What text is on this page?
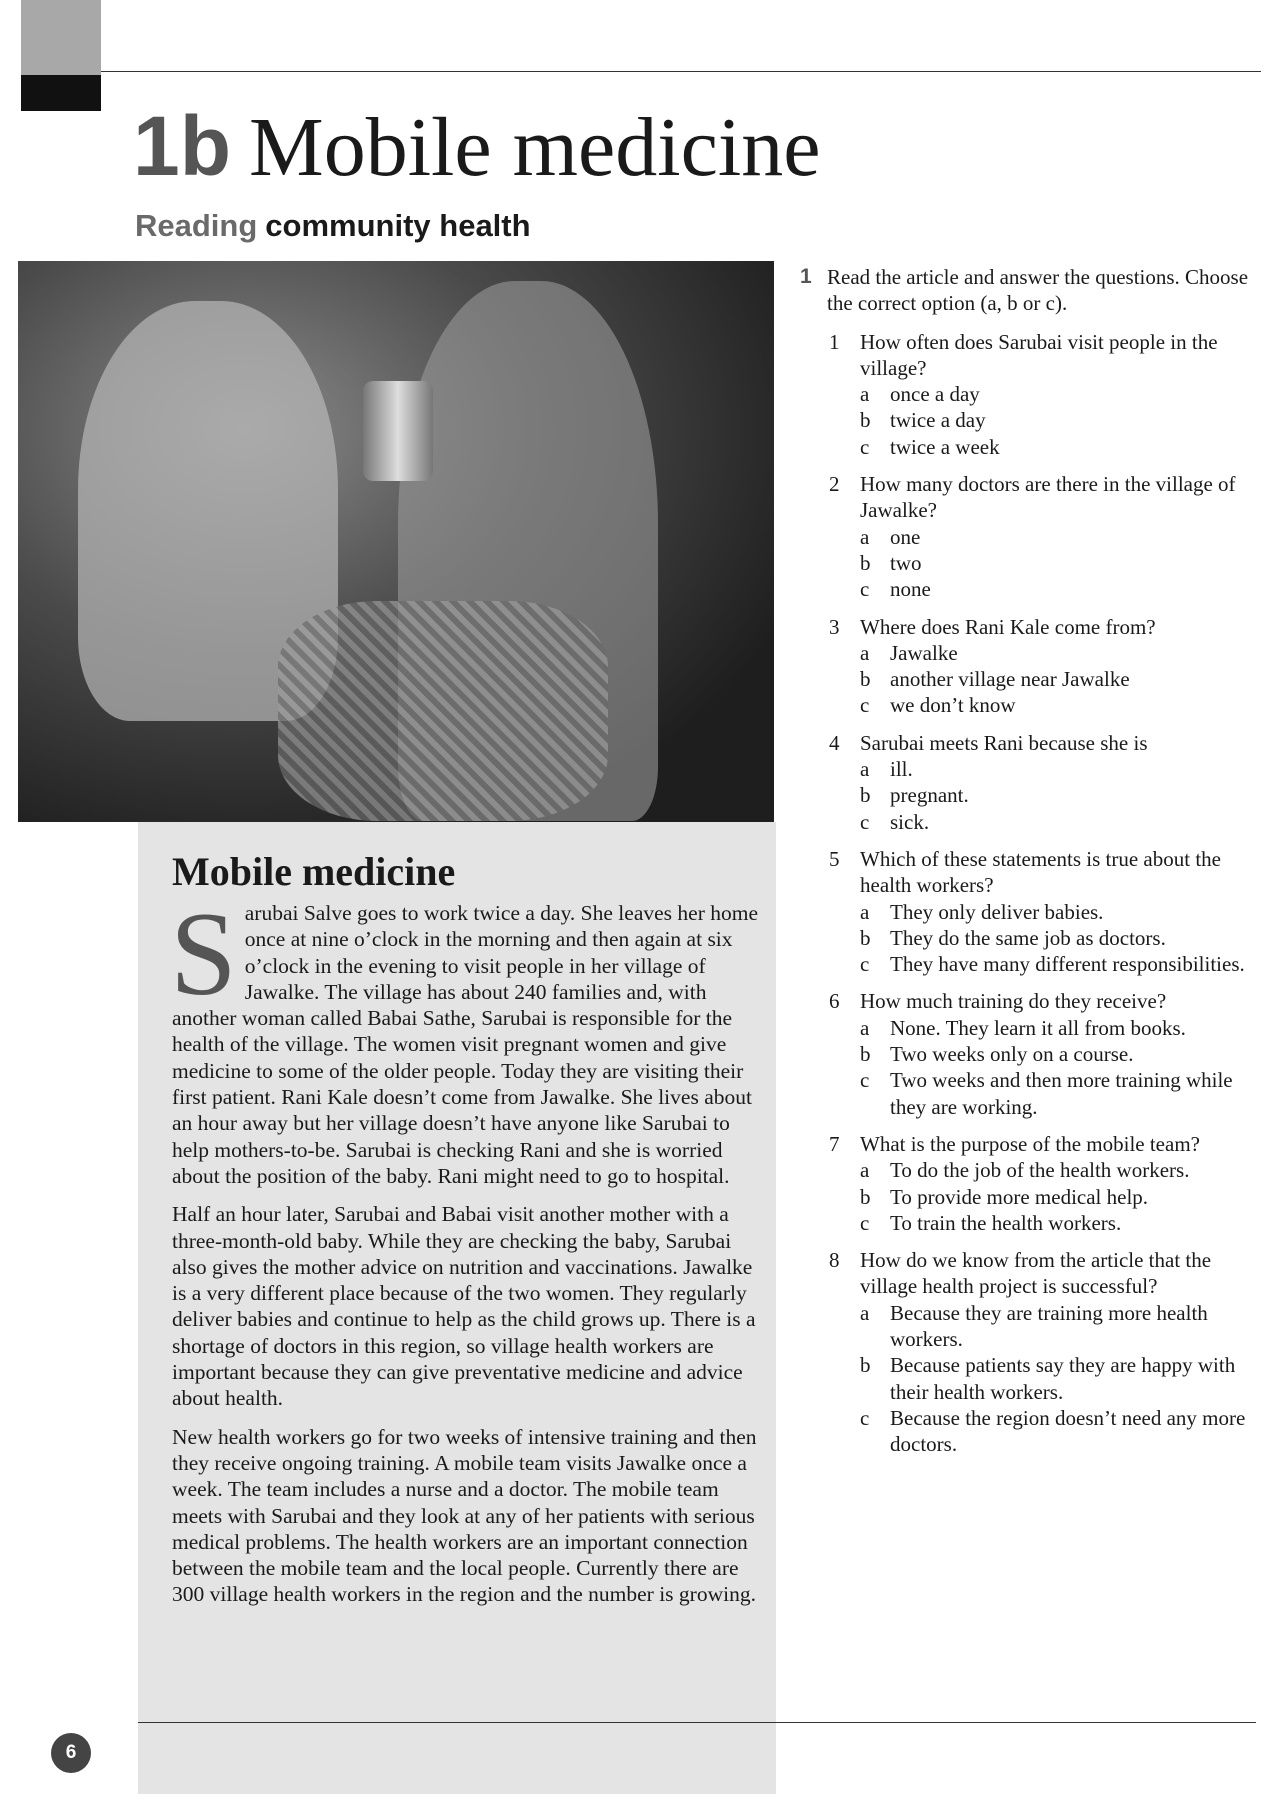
1b Mobile medicine
Reading community health
Mobile medicine

Sarubai Salve goes to work twice a day. She leaves her home once at nine o’clock in the morning and then again at six o’clock in the evening to visit people in her village of Jawalke. The village has about 240 families and, with another woman called Babai Sathe, Sarubai is responsible for the health of the village. The women visit pregnant women and give medicine to some of the older people. Today they are visiting their first patient. Rani Kale doesn’t come from Jawalke. She lives about an hour away but her village doesn’t have anyone like Sarubai to help mothers-to-be. Sarubai is checking Rani and she is worried about the position of the baby. Rani might need to go to hospital.

Half an hour later, Sarubai and Babai visit another mother with a three-month-old baby. While they are checking the baby, Sarubai also gives the mother advice on nutrition and vaccinations. Jawalke is a very different place because of the two women. They regularly deliver babies and continue to help as the child grows up. There is a shortage of doctors in this region, so village health workers are important because they can give preventative medicine and advice about health.

New health workers go for two weeks of intensive training and then they receive ongoing training. A mobile team visits Jawalke once a week. The team includes a nurse and a doctor. The mobile team meets with Sarubai and they look at any of her patients with serious medical problems. The health workers are an important connection between the mobile team and the local people. Currently there are 300 village health workers in the region and the number is growing.

1 Read the article and answer the questions. Choose the correct option (a, b or c).
1 How often does Sarubai visit people in the village?
a once a day
b twice a day
c twice a week
2 How many doctors are there in the village of Jawalke?
a one
b two
c none
3 Where does Rani Kale come from?
a Jawalke
b another village near Jawalke
c we don’t know
4 Sarubai meets Rani because she is
a ill.
b pregnant.
c sick.
5 Which of these statements is true about the health workers?
a They only deliver babies.
b They do the same job as doctors.
c They have many different responsibilities.
6 How much training do they receive?
a None. They learn it all from books.
b Two weeks only on a course.
c Two weeks and then more training while they are working.
7 What is the purpose of the mobile team?
a To do the job of the health workers.
b To provide more medical help.
c To train the health workers.
8 How do we know from the article that the village health project is successful?
a Because they are training more health workers.
b Because patients say they are happy with their health workers.
c Because the region doesn’t need any more doctors.
6
